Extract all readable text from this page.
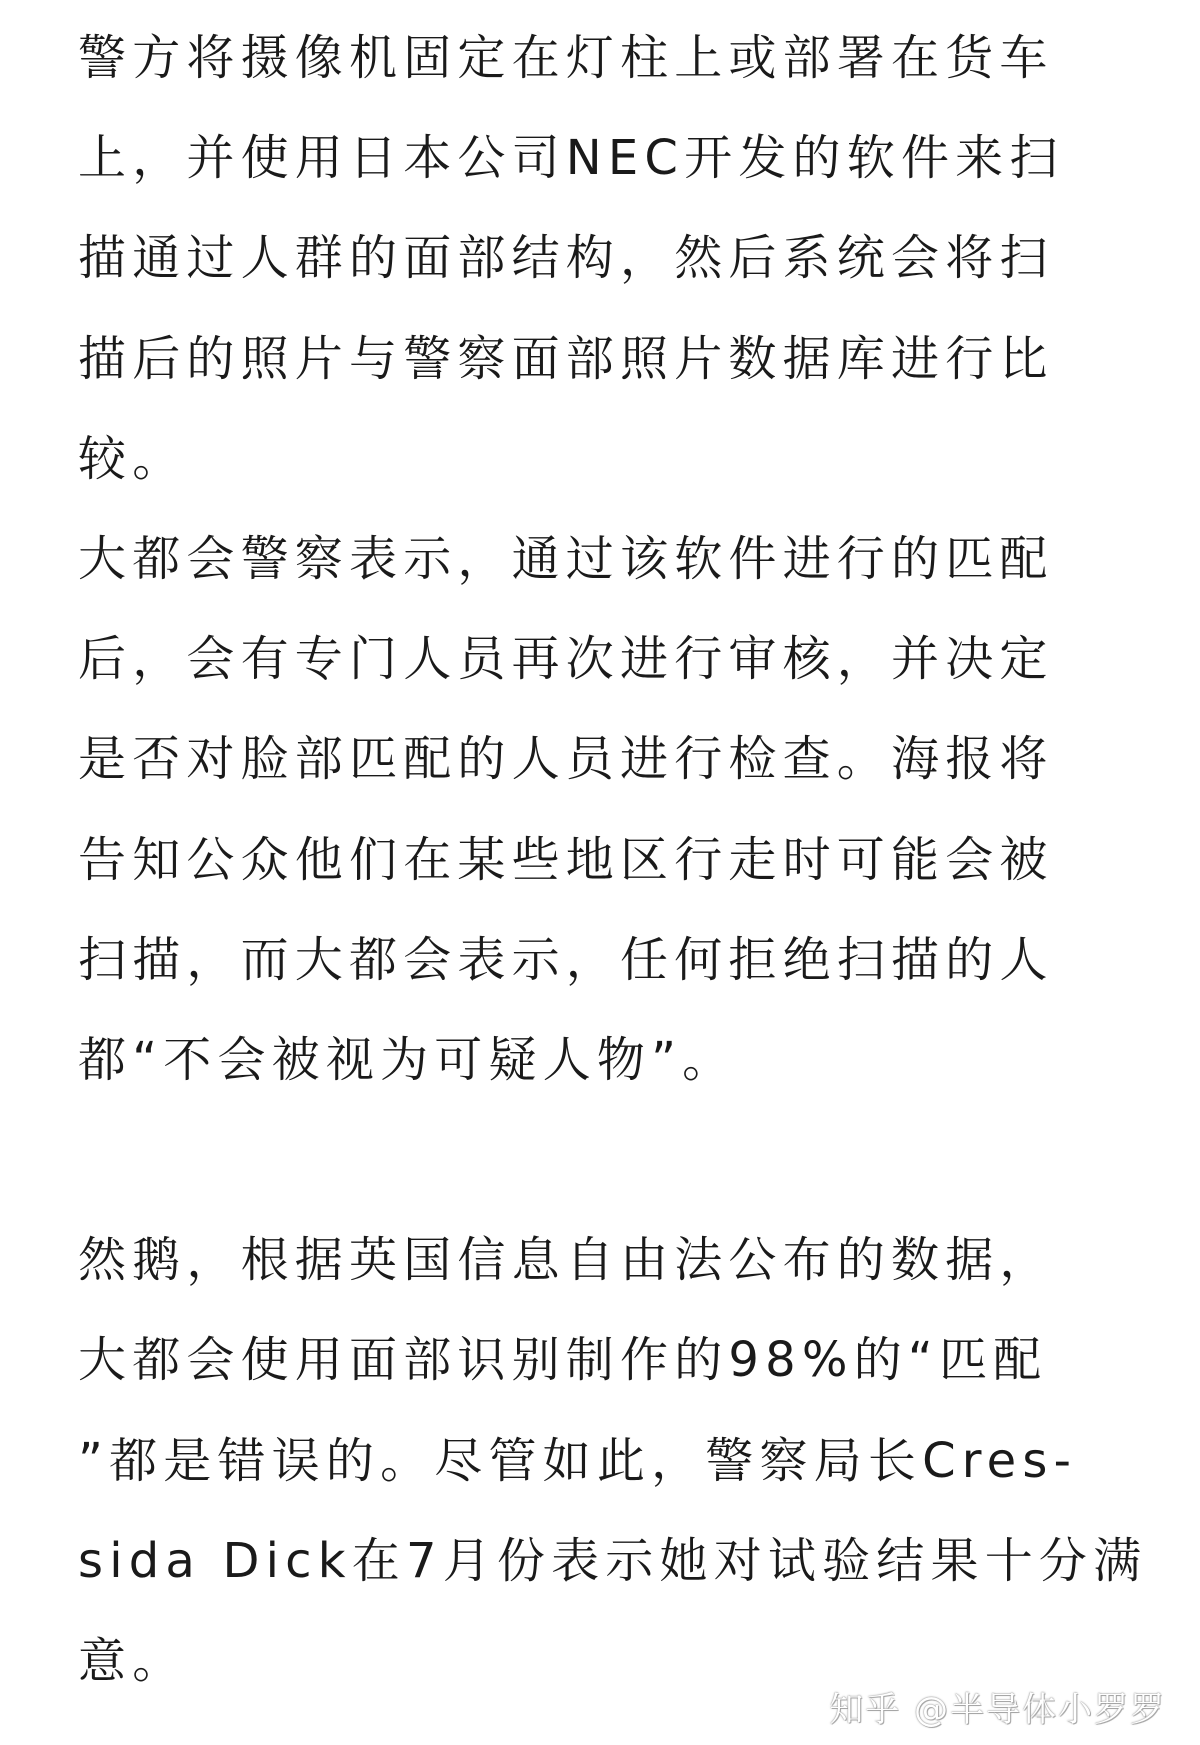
警方将摄像机固定在灯柱上或部署在货车
上，并使用日本公司NEC开发的软件来扫
描通过人群的面部结构，然后系统会将扫
描后的照片与警察面部照片数据库进行比
较。
大都会警察表示，通过该软件进行的匹配
后，会有专门人员再次进行审核，并决定
是否对脸部匹配的人员进行检查。海报将
告知公众他们在某些地区行走时可能会被
扫描，而大都会表示，任何拒绝扫描的人
都“不会被视为可疑人物”。
然鹅，根据英国信息自由法公布的数据，
大都会使用面部识别制作的98%的“匹配
”都是错误的。尽管如此，警察局长Cres-
sida Dick在7月份表示她对试验结果十分满
意。
知乎 @半导体小罗罗
